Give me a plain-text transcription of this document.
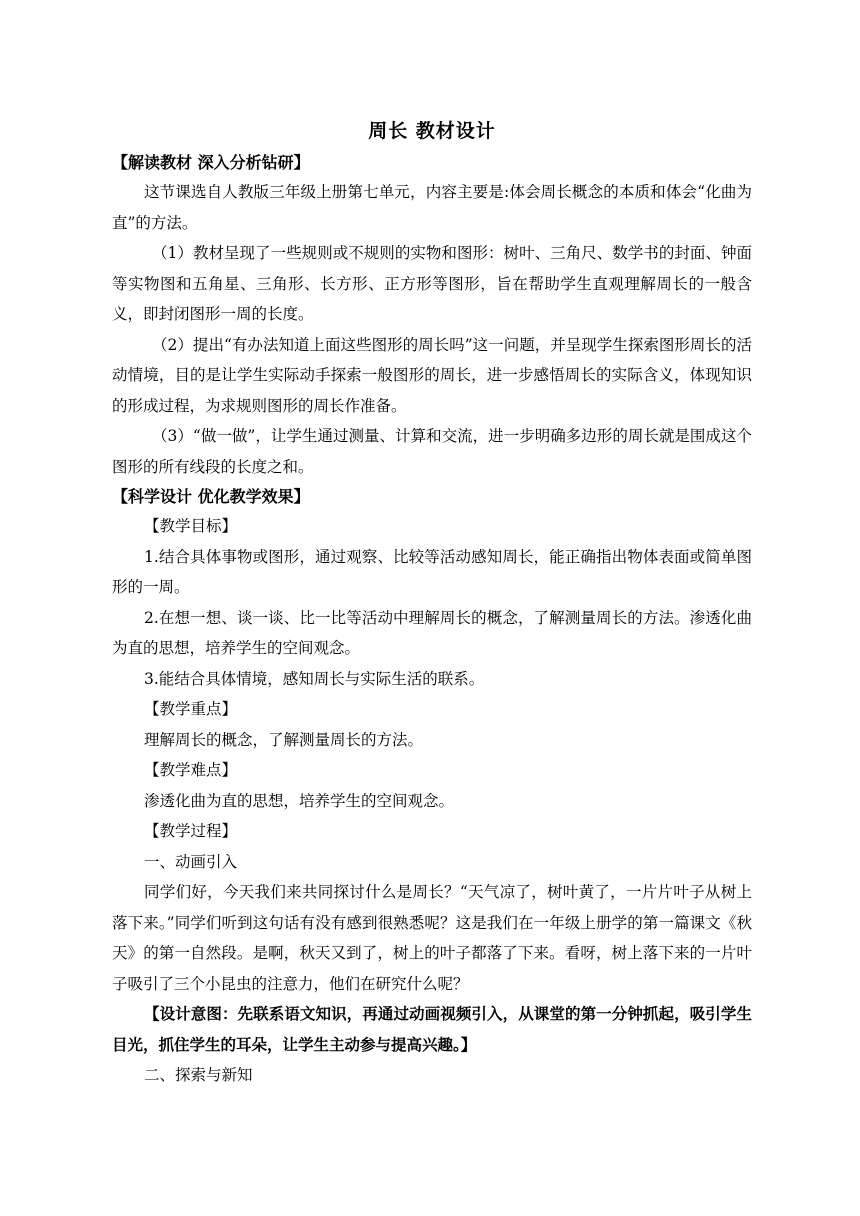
周长 教材设计
【解读教材 深入分析钻研】

这节课选自人教版三年级上册第七单元，内容主要是:体会周长概念的本质和体会“化曲为直”的方法。

（1）教材呈现了一些规则或不规则的实物和图形：树叶、三角尺、数学书的封面、钟面等实物图和五角星、三角形、长方形、正方形等图形，旨在帮助学生直观理解周长的一般含义，即封闭图形一周的长度。

（2）提出“有办法知道上面这些图形的周长吗”这一问题，并呈现学生探索图形周长的活动情境，目的是让学生实际动手探索一般图形的周长，进一步感悟周长的实际含义，体现知识的形成过程，为求规则图形的周长作准备。

（3）“做一做”，让学生通过测量、计算和交流，进一步明确多边形的周长就是围成这个图形的所有线段的长度之和。

【科学设计 优化教学效果】

【教学目标】

1.结合具体事物或图形，通过观察、比较等活动感知周长，能正确指出物体表面或简单图形的一周。

2.在想一想、谈一谈、比一比等活动中理解周长的概念，了解测量周长的方法。渗透化曲为直的思想，培养学生的空间观念。

3.能结合具体情境，感知周长与实际生活的联系。

【教学重点】

理解周长的概念，了解测量周长的方法。

【教学难点】

渗透化曲为直的思想，培养学生的空间观念。

【教学过程】

一、动画引入

同学们好，今天我们来共同探讨什么是周长？“天气凉了，树叶黄了，一片片叶子从树上落下来。”同学们听到这句话有没有感到很熟悉呢？这是我们在一年级上册学的第一篇课文《秋天》的第一自然段。是啊，秋天又到了，树上的叶子都落了下来。看呀，树上落下来的一片叶子吸引了三个小昆虫的注意力，他们在研究什么呢？

【设计意图：先联系语文知识，再通过动画视频引入，从课堂的第一分钟抓起，吸引学生目光，抓住学生的耳朵，让学生主动参与提高兴趣。】

二、探索与新知
